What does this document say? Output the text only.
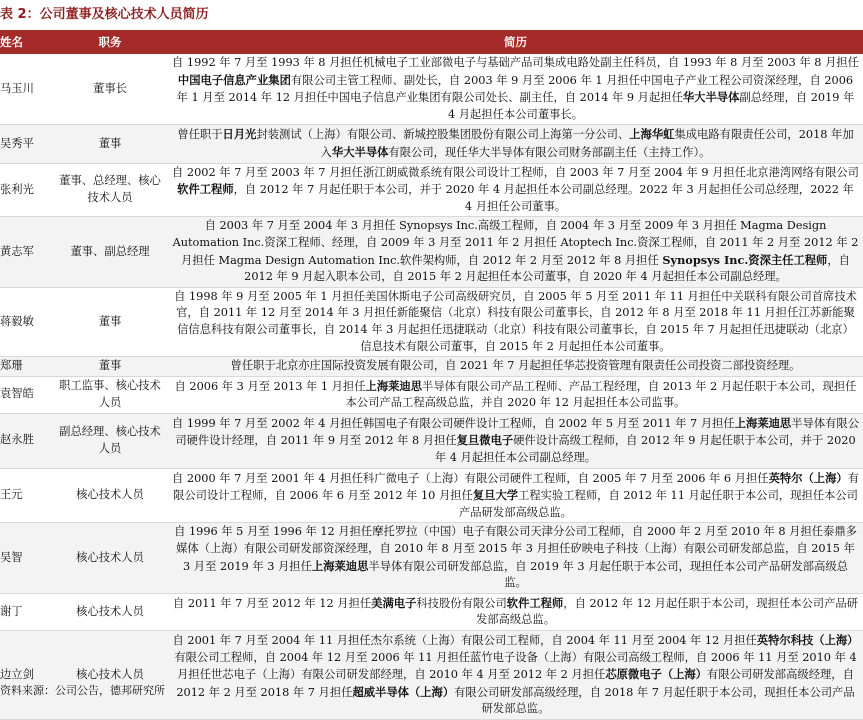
表 2：公司董事及核心技术人员简历
姓名	职务	简历
马玉川	董事长	自 1992 年 7 月至 1993 年 8 月担任机械电子工业部微电子与基础产品司集成电路处副主任科员，自 1993 年 8 月至 2003 年 8 月担任中国电子信息产业集团有限公司主管工程师、副处长，自 2003 年 9 月至 2006 年 1 月担任中国电子产业工程公司资深经理，自 2006 年 1 月至 2014 年 12 月担任中国电子信息产业集团有限公司处长、副主任，自 2014 年 9 月起担任华大半导体副总经理，自 2019 年 4 月起担任本公司董事长。
吴秀平	董事	曾任职于日月光封装测试（上海）有限公司、新城控股集团股份有限公司上海第一分公司、上海华虹集成电路有限责任公司，2018 年加入华大半导体有限公司，现任华大半导体有限公司财务部副主任（主持工作）。
张利光	董事、总经理、核心技术人员	自 2002 年 7 月至 2003 年 7 月担任浙江朗威微系统有限公司设计工程师，自 2003 年 7 月至 2004 年 9 月担任北京港湾网络有限公司软件工程师，自 2012 年 7 月起任职于本公司，并于 2020 年 4 月起担任本公司副总经理。2022 年 3 月起担任公司总经理，2022 年 4 月担任公司董事。
黄志军	董事、副总经理	自 2003 年 7 月至 2004 年 3 月担任 Synopsys Inc.高级工程师，自 2004 年 3 月至 2009 年 3 月担任 Magma Design Automation Inc.资深工程师、经理，自 2009 年 3 月至 2011 年 2 月担任 Atoptech Inc.资深工程师，自 2011 年 2 月至 2012 年 2 月担任 Magma Design Automation Inc.软件架构师，自 2012 年 2 月至 2012 年 8 月担任 Synopsys Inc.资深主任工程师，自 2012 年 9 月起入职本公司，自 2015 年 2 月起担任本公司董事，自 2020 年 4 月起担任本公司副总经理。
蒋毅敏	董事	自 1998 年 9 月至 2005 年 1 月担任美国休斯电子公司高级研究员，自 2005 年 5 月至 2011 年 11 月担任中关联科有限公司首席技术官，自 2011 年 12 月至 2014 年 3 月担任新能聚信（北京）科技有限公司董事长，自 2012 年 8 月至 2018 年 11 月担任江苏新能聚信信息科技有限公司董事长，自 2014 年 3 月起担任迅捷联动（北京）科技有限公司董事长，自 2015 年 7 月起担任迅捷联动（北京）信息技术有限公司董事，自 2015 年 2 月起担任本公司董事。
郑珊	董事	曾任职于北京亦庄国际投资发展有限公司，自 2021 年 7 月起担任华芯投资管理有限责任公司投资二部投资经理。
袁智皓	职工监事、核心技术人员	自 2006 年 3 月至 2013 年 1 月担任上海莱迪思半导体有限公司产品工程师、产品工程经理，自 2013 年 2 月起任职于本公司，现担任本公司产品工程高级总监，并自 2020 年 12 月起担任本公司监事。
赵永胜	副总经理、核心技术人员	自 1999 年 7 月至 2002 年 4 月担任韩国电子有限公司硬件设计工程师，自 2002 年 5 月至 2011 年 7 月担任上海莱迪思半导体有限公司硬件设计经理，自 2011 年 9 月至 2012 年 8 月担任复旦微电子硬件设计高级工程师，自 2012 年 9 月起任职于本公司，并于 2020 年 4 月起担任本公司副总经理。
王元	核心技术人员	自 2000 年 7 月至 2001 年 4 月担任科广微电子（上海）有限公司硬件工程师，自 2005 年 7 月至 2006 年 6 月担任英特尔（上海）有限公司设计工程师，自 2006 年 6 月至 2012 年 10 月担任复旦大学工程实验工程师，自 2012 年 11 月起任职于本公司，现担任本公司产品研发部高级总监。
吴智	核心技术人员	自 1996 年 5 月至 1996 年 12 月担任摩托罗拉（中国）电子有限公司天津分公司工程师，自 2000 年 2 月至 2010 年 8 月担任泰鼎多媒体（上海）有限公司研发部资深经理，自 2010 年 8 月至 2015 年 3 月担任矽映电子科技（上海）有限公司研发部总监，自 2015 年 3 月至 2019 年 3 月担任上海莱迪思半导体有限公司研发部总监，自 2019 年 3 月起任职于本公司，现担任本公司产品研发部高级总监。
谢丁	核心技术人员	自 2011 年 7 月至 2012 年 12 月担任美满电子科技股份有限公司软件工程师，自 2012 年 12 月起任职于本公司，现担任本公司产品研发部高级总监。
边立剑	核心技术人员	自 2001 年 7 月至 2004 年 11 月担任杰尔系统（上海）有限公司工程师，自 2004 年 11 月至 2004 年 12 月担任英特尔科技（上海）有限公司工程师，自 2004 年 12 月至 2006 年 11 月担任蓝竹电子设备（上海）有限公司高级工程师，自 2006 年 11 月至 2010 年 4 月担任世芯电子（上海）有限公司研发部经理，自 2010 年 4 月至 2012 年 2 月担任芯原微电子（上海）有限公司研发部高级经理，自 2012 年 2 月至 2018 年 7 月担任超威半导体（上海）有限公司研发部高级经理，自 2018 年 7 月起任职于本公司，现担任本公司产品研发部总监。
资料来源：公司公告，德邦研究所
